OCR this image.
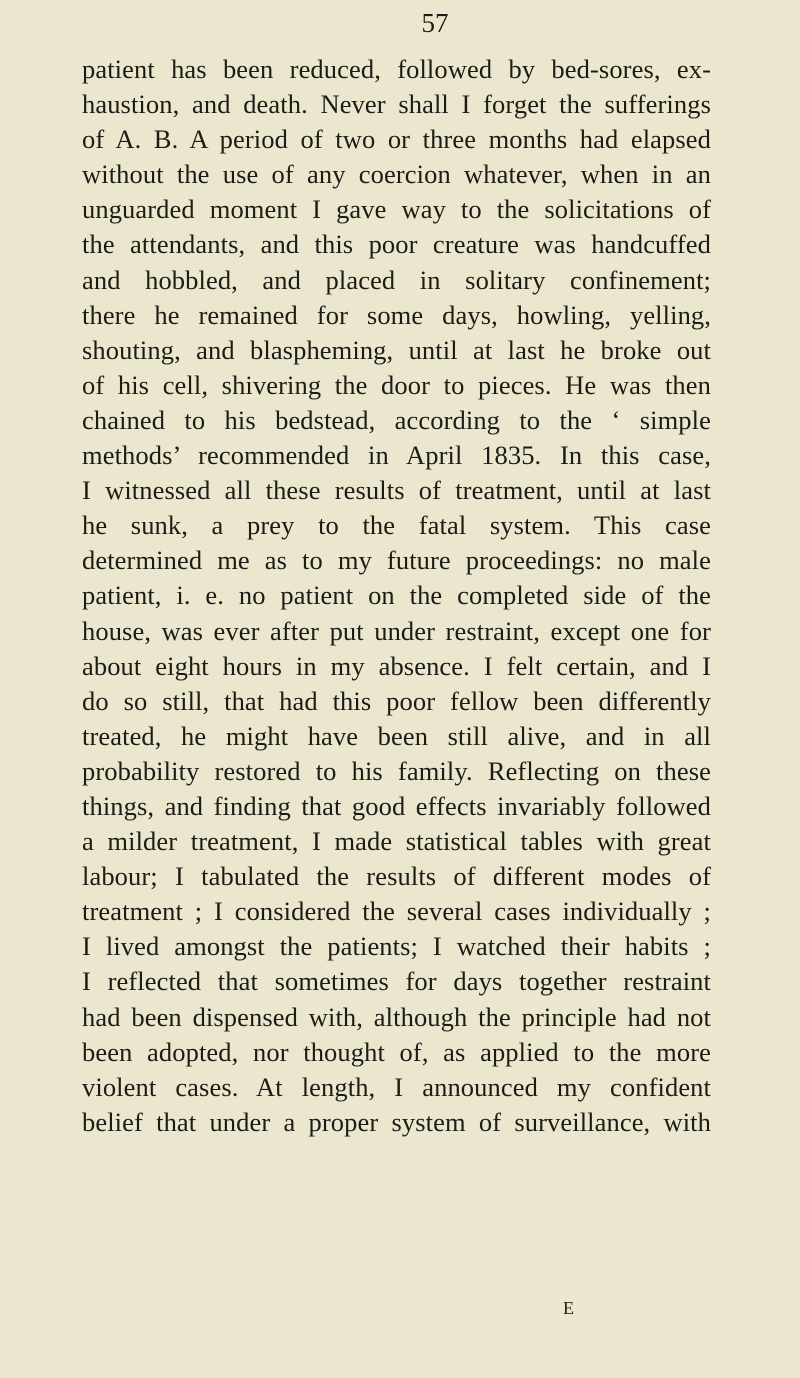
57
patient has been reduced, followed by bed-sores, ex-
haustion, and death. Never shall I forget the sufferings
of A. B. A period of two or three months had elapsed
without the use of any coercion whatever, when in an
unguarded moment I gave way to the solicitations of
the attendants, and this poor creature was handcuffed
and hobbled, and placed in solitary confinement;
there he remained for some days, howling, yelling,
shouting, and blaspheming, until at last he broke out
of his cell, shivering the door to pieces. He was then
chained to his bedstead, according to the ‘ simple
methods’ recommended in April 1835. In this case,
I witnessed all these results of treatment, until at last
he sunk, a prey to the fatal system. This case
determined me as to my future proceedings: no male
patient, i. e. no patient on the completed side of the
house, was ever after put under restraint, except one for
about eight hours in my absence. I felt certain, and I
do so still, that had this poor fellow been differently
treated, he might have been still alive, and in all
probability restored to his family. Reflecting on these
things, and finding that good effects invariably followed
a milder treatment, I made statistical tables with great
labour; I tabulated the results of different modes of
treatment ; I considered the several cases individually ;
I lived amongst the patients; I watched their habits ;
I reflected that sometimes for days together restraint
had been dispensed with, although the principle had not
been adopted, nor thought of, as applied to the more
violent cases. At length, I announced my confident
belief that under a proper system of surveillance, with
E
